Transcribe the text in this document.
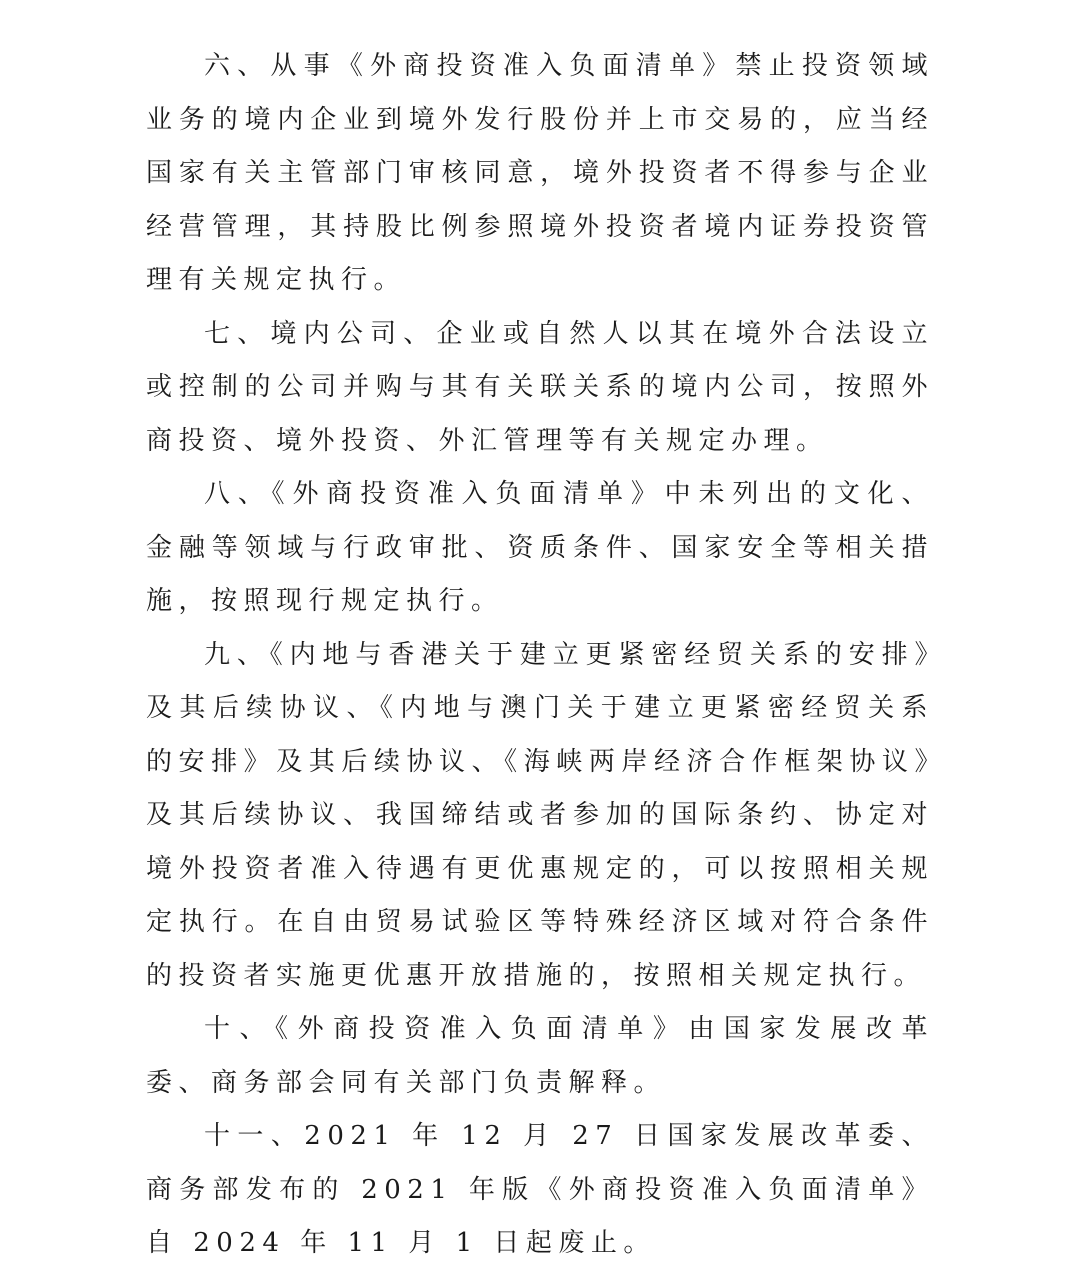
六、从事《外商投资准入负面清单》禁止投资领域业务的境内企业到境外发行股份并上市交易的，应当经国家有关主管部门审核同意，境外投资者不得参与企业经营管理，其持股比例参照境外投资者境内证券投资管理有关规定执行。

七、境内公司、企业或自然人以其在境外合法设立或控制的公司并购与其有关联关系的境内公司，按照外商投资、境外投资、外汇管理等有关规定办理。

八、《外商投资准入负面清单》中未列出的文化、金融等领域与行政审批、资质条件、国家安全等相关措施，按照现行规定执行。

九、《内地与香港关于建立更紧密经贸关系的安排》及其后续协议、《内地与澳门关于建立更紧密经贸关系的安排》及其后续协议、《海峡两岸经济合作框架协议》及其后续协议、我国缔结或者参加的国际条约、协定对境外投资者准入待遇有更优惠规定的，可以按照相关规定执行。在自由贸易试验区等特殊经济区域对符合条件的投资者实施更优惠开放措施的，按照相关规定执行。

十、《外商投资准入负面清单》由国家发展改革委、商务部会同有关部门负责解释。

十一、2021 年 12 月 27 日国家发展改革委、商务部发布的 2021 年版《外商投资准入负面清单》自 2024 年 11 月 1 日起废止。
